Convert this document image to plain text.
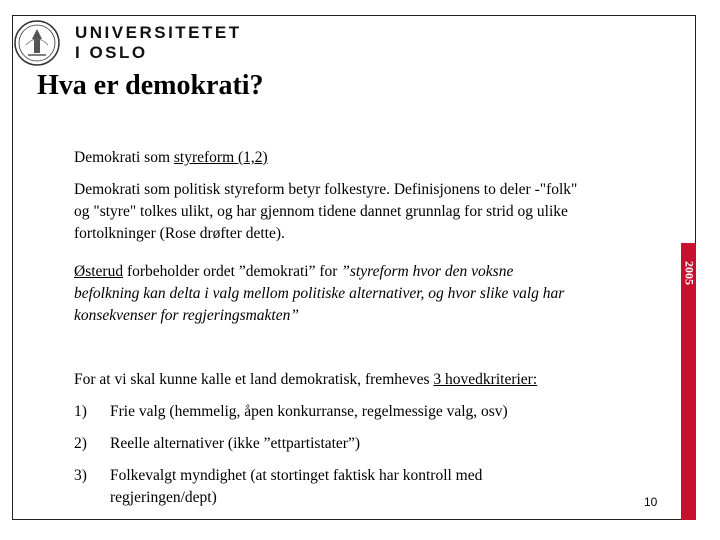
2005
UNIVERSITETET
I OSLO
Hva er demokrati?
Demokrati som styreform (1,2)
Demokrati som politisk styreform betyr folkestyre. Definisjonens to deler -"folk"
og "styre" tolkes ulikt, og har gjennom tidene dannet grunnlag for strid og ulike
fortolkninger (Rose drøfter dette).
Østerud forbeholder ordet ”demokrati” for ”styreform hvor den voksne
befolkning kan delta i valg mellom politiske alternativer, og hvor slike valg har
konsekvenser for regjeringsmakten”
For at vi skal kunne kalle et land demokratisk, fremheves 3 hovedkriterier:
1) Frie valg (hemmelig, åpen konkurranse, regelmessige valg, osv)
2) Reelle alternativer (ikke ”ettpartistater”)
3) Folkevalgt myndighet (at stortinget faktisk har kontroll med
regjeringen/dept)	10
